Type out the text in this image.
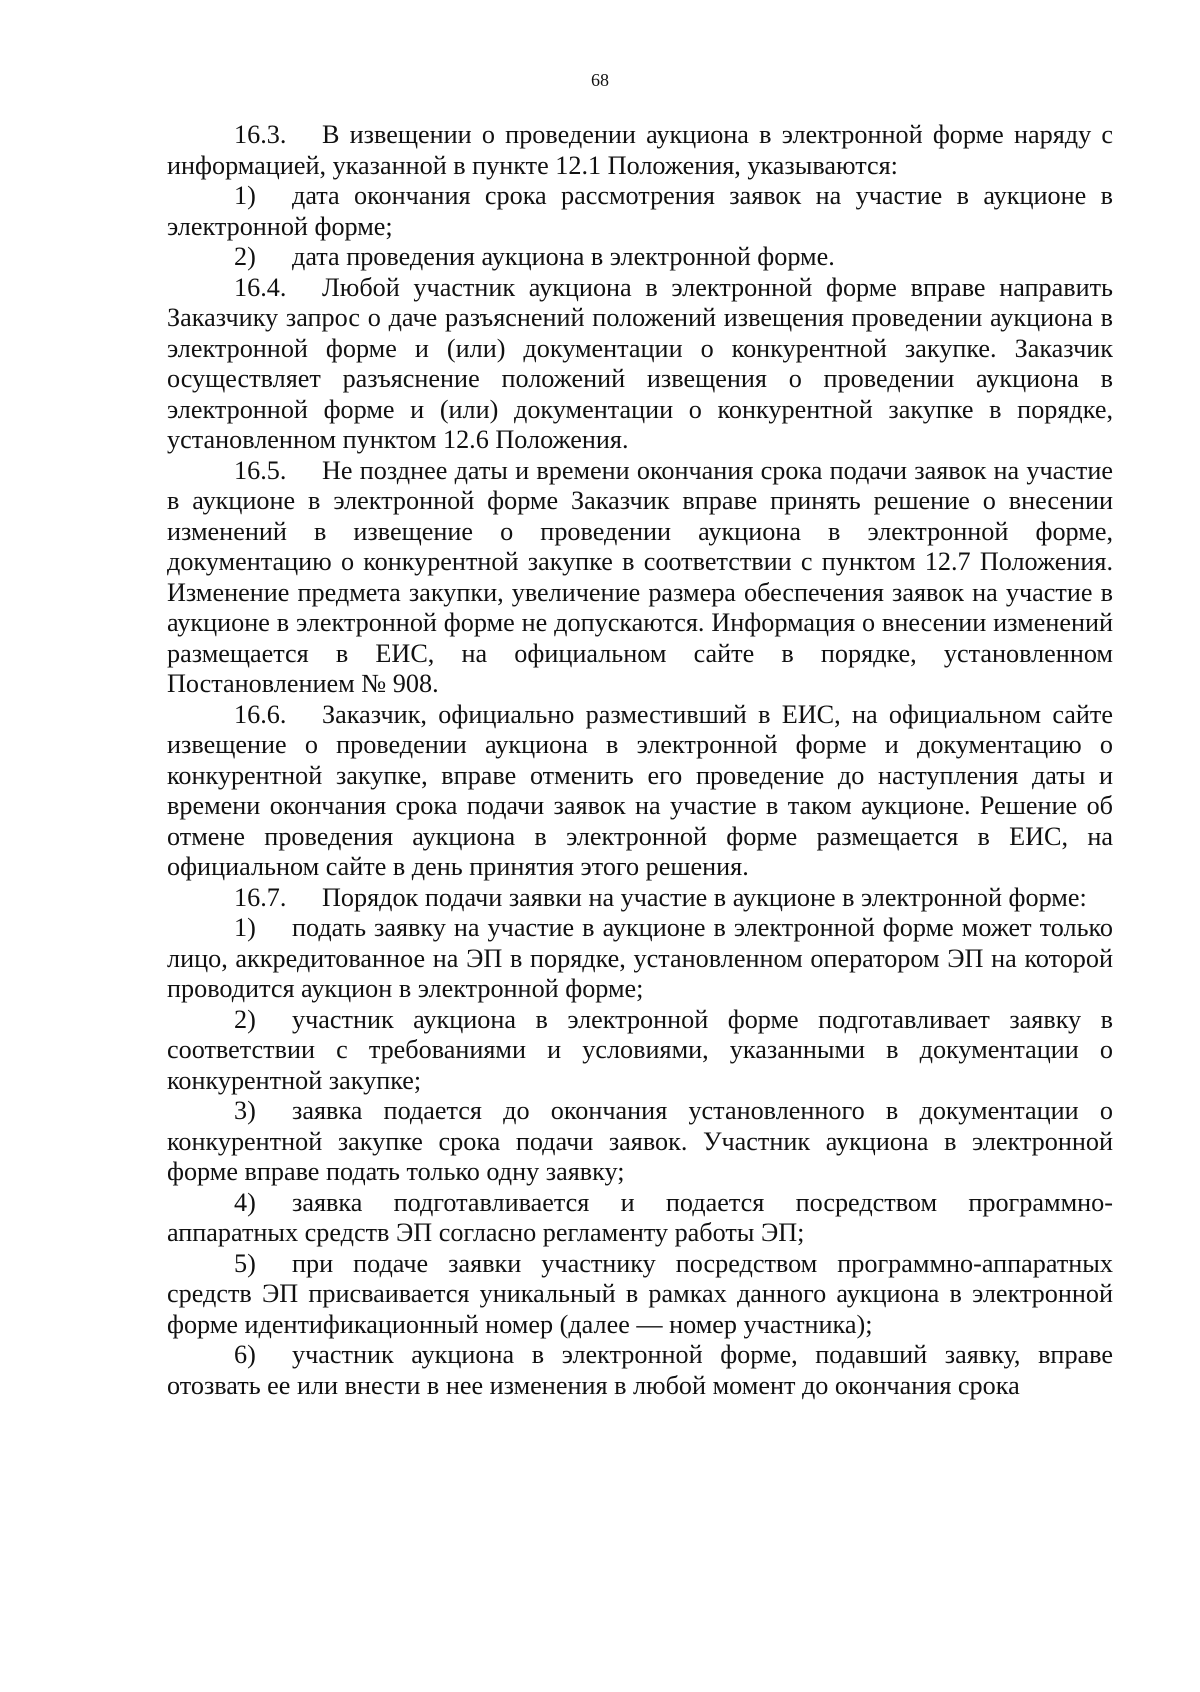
68

16.3. В извещении о проведении аукциона в электронной форме наряду с информацией, указанной в пункте 12.1 Положения, указываются:

1) дата окончания срока рассмотрения заявок на участие в аукционе в электронной форме;

2) дата проведения аукциона в электронной форме.

16.4. Любой участник аукциона в электронной форме вправе направить Заказчику запрос о даче разъяснений положений извещения проведении аукциона в электронной форме и (или) документации о конкурентной закупке. Заказчик осуществляет разъяснение положений извещения о проведении аукциона в электронной форме и (или) документации о конкурентной закупке в порядке, установленном пунктом 12.6 Положения.

16.5. Не позднее даты и времени окончания срока подачи заявок на участие в аукционе в электронной форме Заказчик вправе принять решение о внесении изменений в извещение о проведении аукциона в электронной форме, документацию о конкурентной закупке в соответствии с пунктом 12.7 Положения. Изменение предмета закупки, увеличение размера обеспечения заявок на участие в аукционе в электронной форме не допускаются. Информация о внесении изменений размещается в ЕИС, на официальном сайте в порядке, установленном Постановлением № 908.

16.6. Заказчик, официально разместивший в ЕИС, на официальном сайте извещение о проведении аукциона в электронной форме и документацию о конкурентной закупке, вправе отменить его проведение до наступления даты и времени окончания срока подачи заявок на участие в таком аукционе. Решение об отмене проведения аукциона в электронной форме размещается в ЕИС, на официальном сайте в день принятия этого решения.

16.7. Порядок подачи заявки на участие в аукционе в электронной форме:

1) подать заявку на участие в аукционе в электронной форме может только лицо, аккредитованное на ЭП в порядке, установленном оператором ЭП на которой проводится аукцион в электронной форме;

2) участник аукциона в электронной форме подготавливает заявку в соответствии с требованиями и условиями, указанными в документации о конкурентной закупке;

3) заявка подается до окончания установленного в документации о конкурентной закупке срока подачи заявок. Участник аукциона в электронной форме вправе подать только одну заявку;

4) заявка подготавливается и подается посредством программно-аппаратных средств ЭП согласно регламенту работы ЭП;

5) при подаче заявки участнику посредством программно-аппаратных средств ЭП присваивается уникальный в рамках данного аукциона в электронной форме идентификационный номер (далее — номер участника);

6) участник аукциона в электронной форме, подавший заявку, вправе отозвать ее или внести в нее изменения в любой момент до окончания срока
